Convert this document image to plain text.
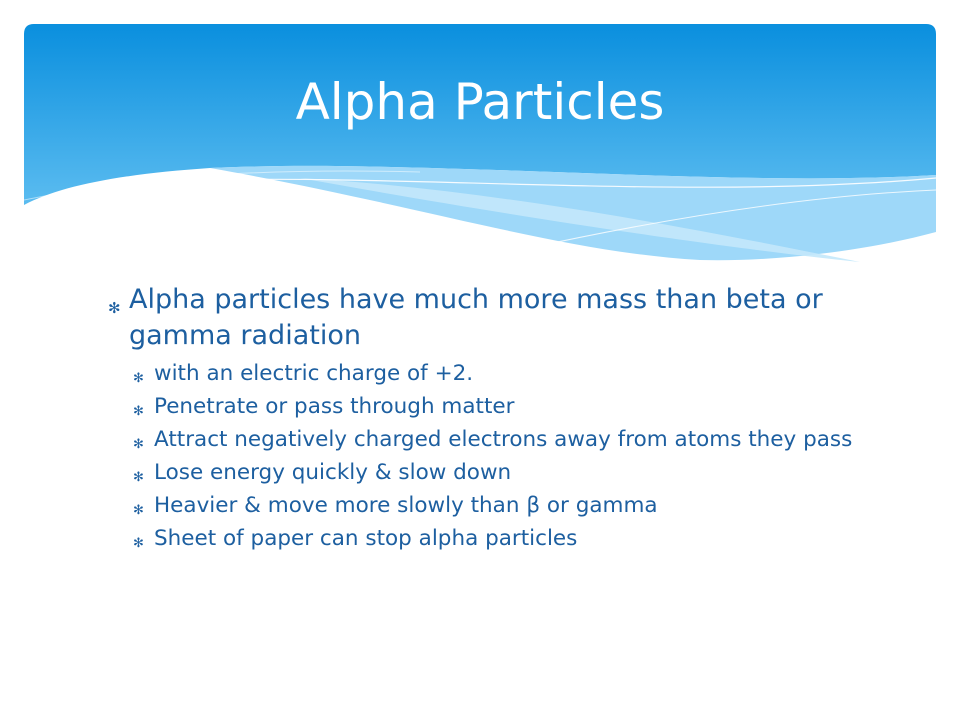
Alpha Particles
✻ Alpha particles have much more mass than beta or gamma radiation
✻ with an electric charge of +2.
✻ Penetrate or pass through matter
✻ Attract negatively charged electrons away from atoms they pass
✻ Lose energy quickly & slow down
✻ Heavier & move more slowly than β or gamma
✻ Sheet of paper can stop alpha particles
